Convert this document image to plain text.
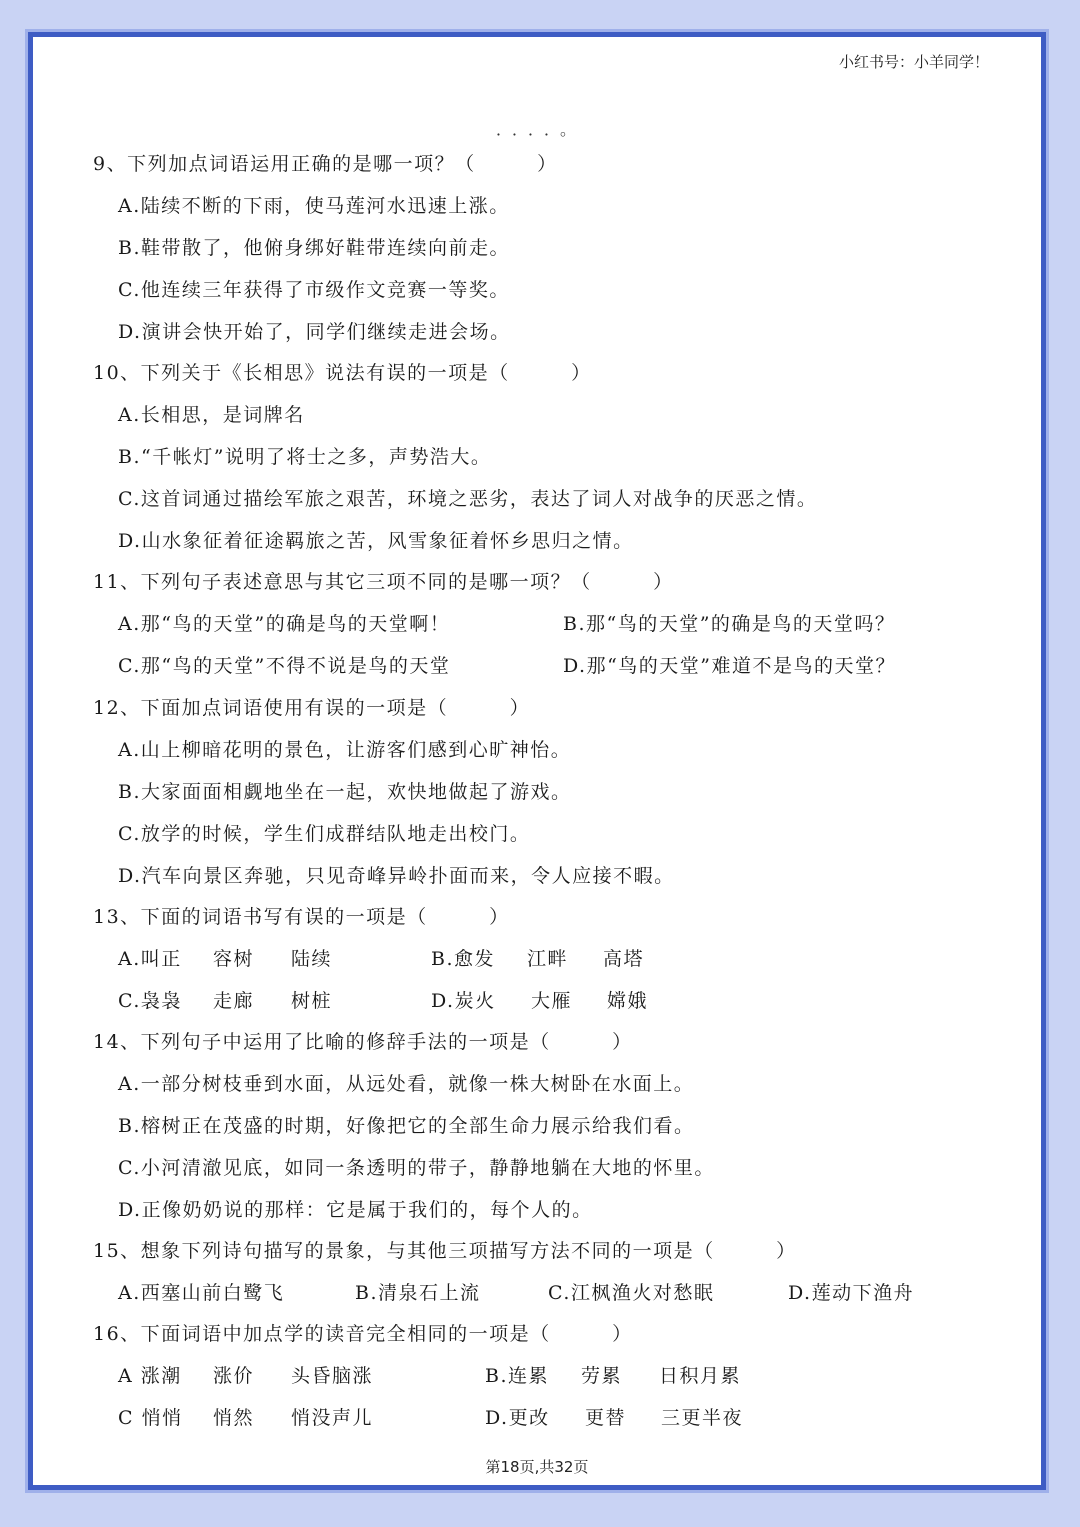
小红书号：小羊同学！
．．．．。
9、下列加点词语运用正确的是哪一项？（　　　）
A.陆续不断的下雨，使马莲河水迅速上涨。
B.鞋带散了，他俯身绑好鞋带连续向前走。
C.他连续三年获得了市级作文竞赛一等奖。
D.演讲会快开始了，同学们继续走进会场。
10、下列关于《长相思》说法有误的一项是（　　　）
A.长相思，是词牌名
B.“千帐灯”说明了将士之多，声势浩大。
C.这首词通过描绘军旅之艰苦，环境之恶劣，表达了词人对战争的厌恶之情。
D.山水象征着征途羁旅之苦，风雪象征着怀乡思归之情。
11、下列句子表述意思与其它三项不同的是哪一项？（　　　）
A.那“鸟的天堂”的确是鸟的天堂啊！	B.那“鸟的天堂”的确是鸟的天堂吗？
C.那“鸟的天堂”不得不说是鸟的天堂	D.那“鸟的天堂”难道不是鸟的天堂？
12、下面加点词语使用有误的一项是（　　　）
A.山上柳暗花明的景色，让游客们感到心旷神怡。
B.大家面面相觑地坐在一起，欢快地做起了游戏。
C.放学的时候，学生们成群结队地走出校门。
D.汽车向景区奔驰，只见奇峰异岭扑面而来，令人应接不暇。
13、下面的词语书写有误的一项是（　　　）
A.叫正 容树 陆续	B.愈发 江畔 高塔
C.袅袅 走廊 树桩	D.炭火 大雁 嫦娥
14、下列句子中运用了比喻的修辞手法的一项是（　　　）
A.一部分树枝垂到水面，从远处看，就像一株大树卧在水面上。
B.榕树正在茂盛的时期，好像把它的全部生命力展示给我们看。
C.小河清澈见底，如同一条透明的带子，静静地躺在大地的怀里。
D.正像奶奶说的那样：它是属于我们的，每个人的。
15、想象下列诗句描写的景象，与其他三项描写方法不同的一项是（　　　）
A.西塞山前白鹭飞	B.清泉石上流	C.江枫渔火对愁眠	D.莲动下渔舟
16、下面词语中加点学的读音完全相同的一项是（　　　）
A 涨潮 涨价 头昏脑涨	B.连累 劳累 日积月累
C 悄悄 悄然 悄没声儿	D.更改 更替 三更半夜
第18页,共32页
